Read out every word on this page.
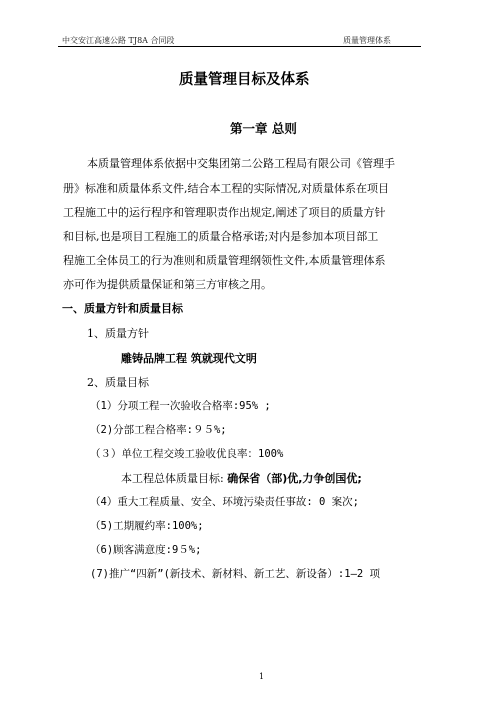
中交安江高速公路 TJ8A 合同段	质量管理体系
质量管理目标及体系
第一章 总则
本质量管理体系依据中交集团第二公路工程局有限公司《管理手
册》标准和质量体系文件,结合本工程的实际情况,对质量体系在项目
工程施工中的运行程序和管理职责作出规定,阐述了项目的质量方针
和目标,也是项目工程施工的质量合格承诺;对内是参加本项目部工
程施工全体员工的行为准则和质量管理纲领性文件,本质量管理体系
亦可作为提供质量保证和第三方审核之用。
一、质量方针和质量目标
1、质量方针
雕铸品牌工程 筑就现代文明
2、质量目标
（1）分项工程一次验收合格率:95% ;
（2)分部工程合格率:９５%;
（３）单位工程交竣工验收优良率：100%
本工程总体质量目标: 确保省（部)优,力争创国优;
（4）重大工程质量、安全、环境污染责任事故: 0 案次;
（5)工期履约率:100%;
（6)顾客满意度:9５%;
(7)推广“四新”(新技术、新材料、新工艺、新设备）:1—2 项
1
